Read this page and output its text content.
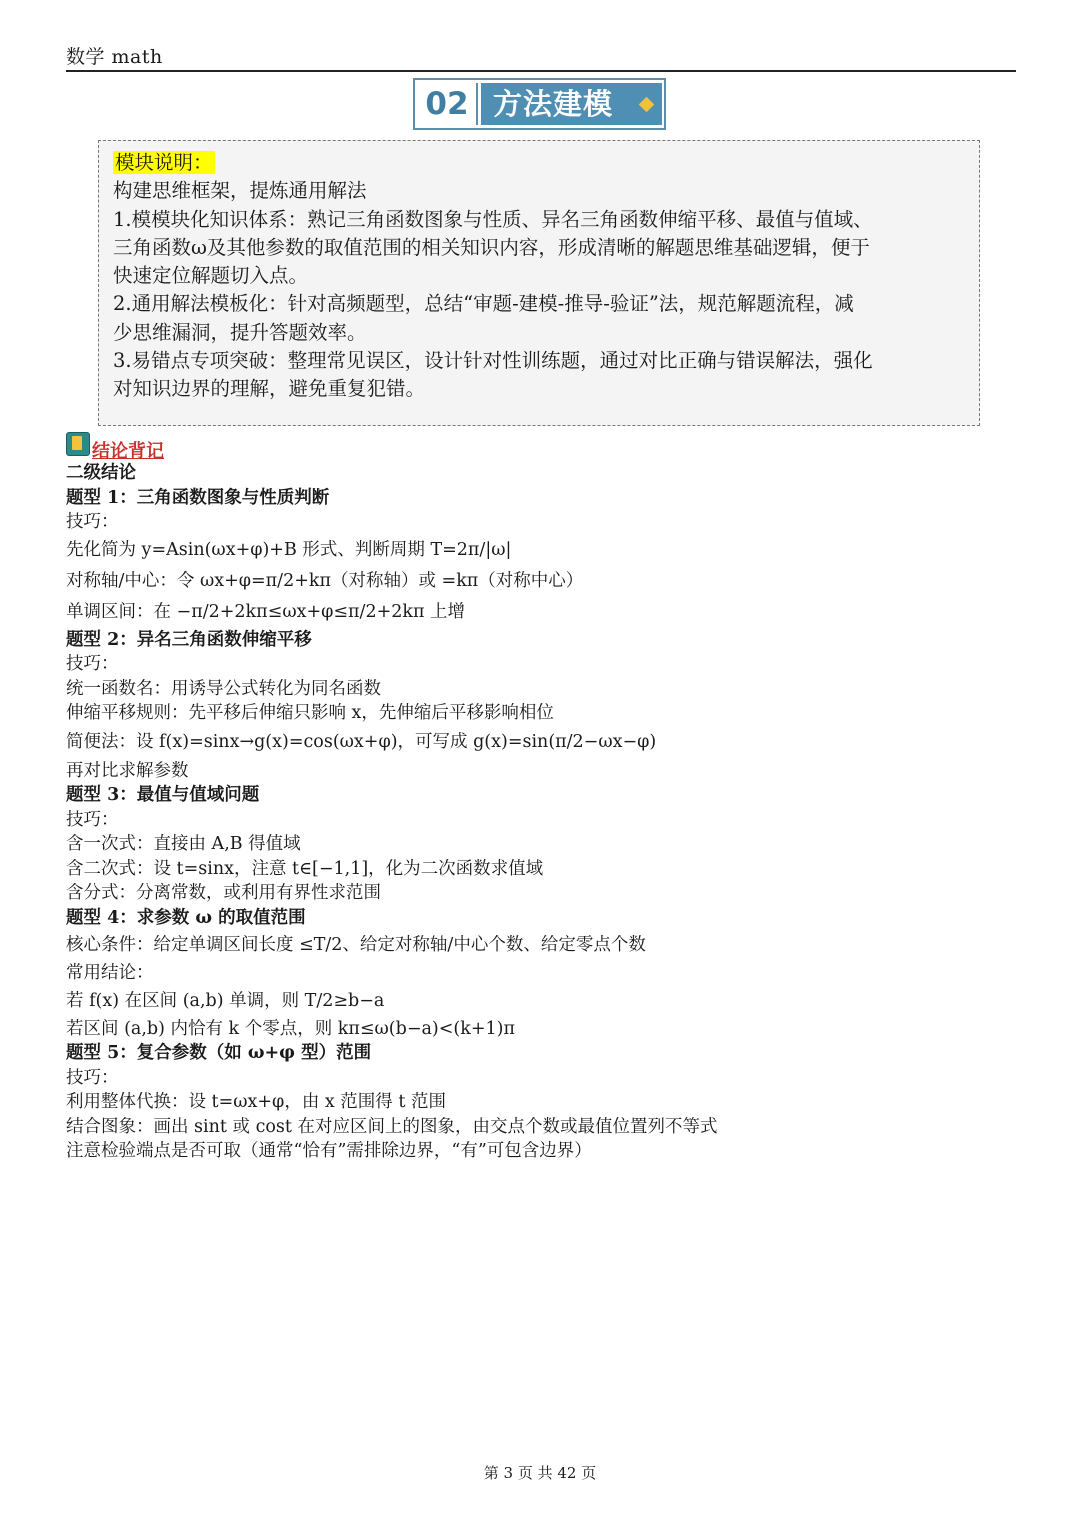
数学 math
02 方法建模

模块说明：

构建思维框架，提炼通用解法

1.模模块化知识体系：熟记三角函数图象与性质、异名三角函数伸缩平移、最值与值域、

三角函数ω及其他参数的取值范围的相关知识内容，形成清晰的解题思维基础逻辑，便于

快速定位解题切入点。

2.通用解法模板化：针对高频题型，总结“审题-建模-推导-验证”法，规范解题流程，减

少思维漏洞，提升答题效率。

3.易错点专项突破：整理常见误区，设计针对性训练题，通过对比正确与错误解法，强化

对知识边界的理解，避免重复犯错。

结论背记
二级结论
题型 1：三角函数图象与性质判断
技巧：
先化简为 y=Asin(ωx+φ)+B 形式、判断周期 T=2π/|ω|
对称轴/中心：令 ωx+φ=π/2+kπ（对称轴）或 =kπ（对称中心）
单调区间：在 −π/2+2kπ≤ωx+φ≤π/2+2kπ 上增
题型 2：异名三角函数伸缩平移
技巧：
统一函数名：用诱导公式转化为同名函数
伸缩平移规则：先平移后伸缩只影响 x，先伸缩后平移影响相位
简便法：设 f(x)=sinx→g(x)=cos(ωx+φ)，可写成 g(x)=sin(π/2−ωx−φ)
再对比求解参数
题型 3：最值与值域问题
技巧：
含一次式：直接由 A,B 得值域
含二次式：设 t=sinx，注意 t∈[−1,1]，化为二次函数求值域
含分式：分离常数，或利用有界性求范围
题型 4：求参数 ω 的取值范围
核心条件：给定单调区间长度 ≤T/2、给定对称轴/中心个数、给定零点个数
常用结论：
若 f(x) 在区间 (a,b) 单调，则 T/2≥b−a
若区间 (a,b) 内恰有 k 个零点，则 kπ≤ω(b−a)<(k+1)π
题型 5：复合参数（如 ω+φ 型）范围
技巧：
利用整体代换：设 t=ωx+φ，由 x 范围得 t 范围
结合图象：画出 sint 或 cost 在对应区间上的图象，由交点个数或最值位置列不等式
注意检验端点是否可取（通常“恰有”需排除边界，“有”可包含边界）
第 3 页 共 42 页
